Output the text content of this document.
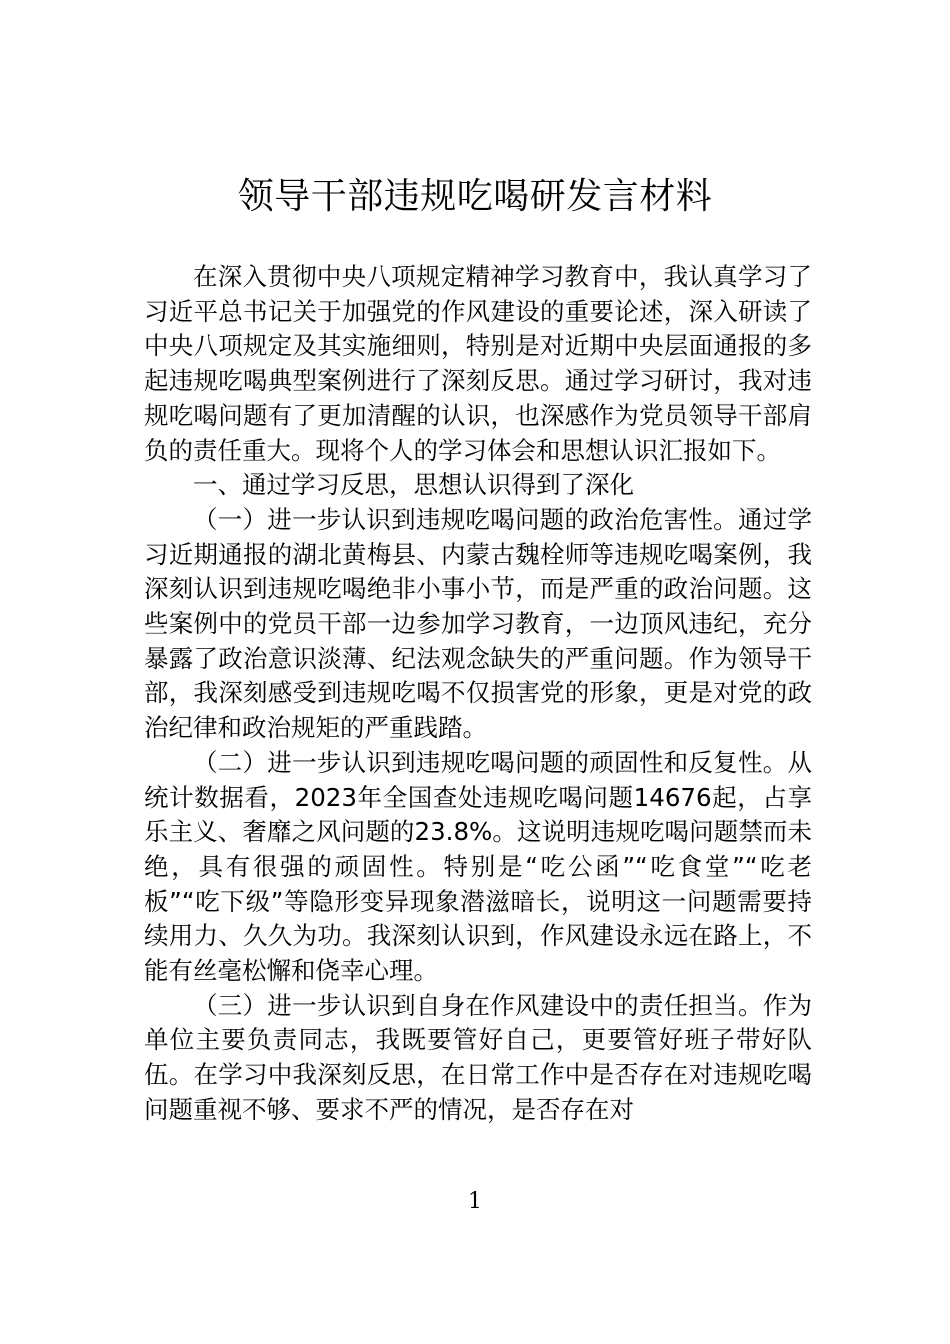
领导干部违规吃喝研发言材料

在深入贯彻中央八项规定精神学习教育中，我认真学习了习近平总书记关于加强党的作风建设的重要论述，深入研读了中央八项规定及其实施细则，特别是对近期中央层面通报的多起违规吃喝典型案例进行了深刻反思。通过学习研讨，我对违规吃喝问题有了更加清醒的认识，也深感作为党员领导干部肩负的责任重大。现将个人的学习体会和思想认识汇报如下。

一、通过学习反思，思想认识得到了深化

（一）进一步认识到违规吃喝问题的政治危害性。通过学习近期通报的湖北黄梅县、内蒙古魏栓师等违规吃喝案例，我深刻认识到违规吃喝绝非小事小节，而是严重的政治问题。这些案例中的党员干部一边参加学习教育，一边顶风违纪，充分暴露了政治意识淡薄、纪法观念缺失的严重问题。作为领导干部，我深刻感受到违规吃喝不仅损害党的形象，更是对党的政治纪律和政治规矩的严重践踏。

（二）进一步认识到违规吃喝问题的顽固性和反复性。从统计数据看，2023年全国查处违规吃喝问题14676起，占享乐主义、奢靡之风问题的23.8%。这说明违规吃喝问题禁而未绝，具有很强的顽固性。特别是“吃公函”“吃食堂”“吃老板”“吃下级”等隐形变异现象潜滋暗长，说明这一问题需要持续用力、久久为功。我深刻认识到，作风建设永远在路上，不能有丝毫松懈和侥幸心理。

（三）进一步认识到自身在作风建设中的责任担当。作为单位主要负责同志，我既要管好自己，更要管好班子带好队伍。在学习中我深刻反思，在日常工作中是否存在对违规吃喝问题重视不够、要求不严的情况，是否存在对

1
